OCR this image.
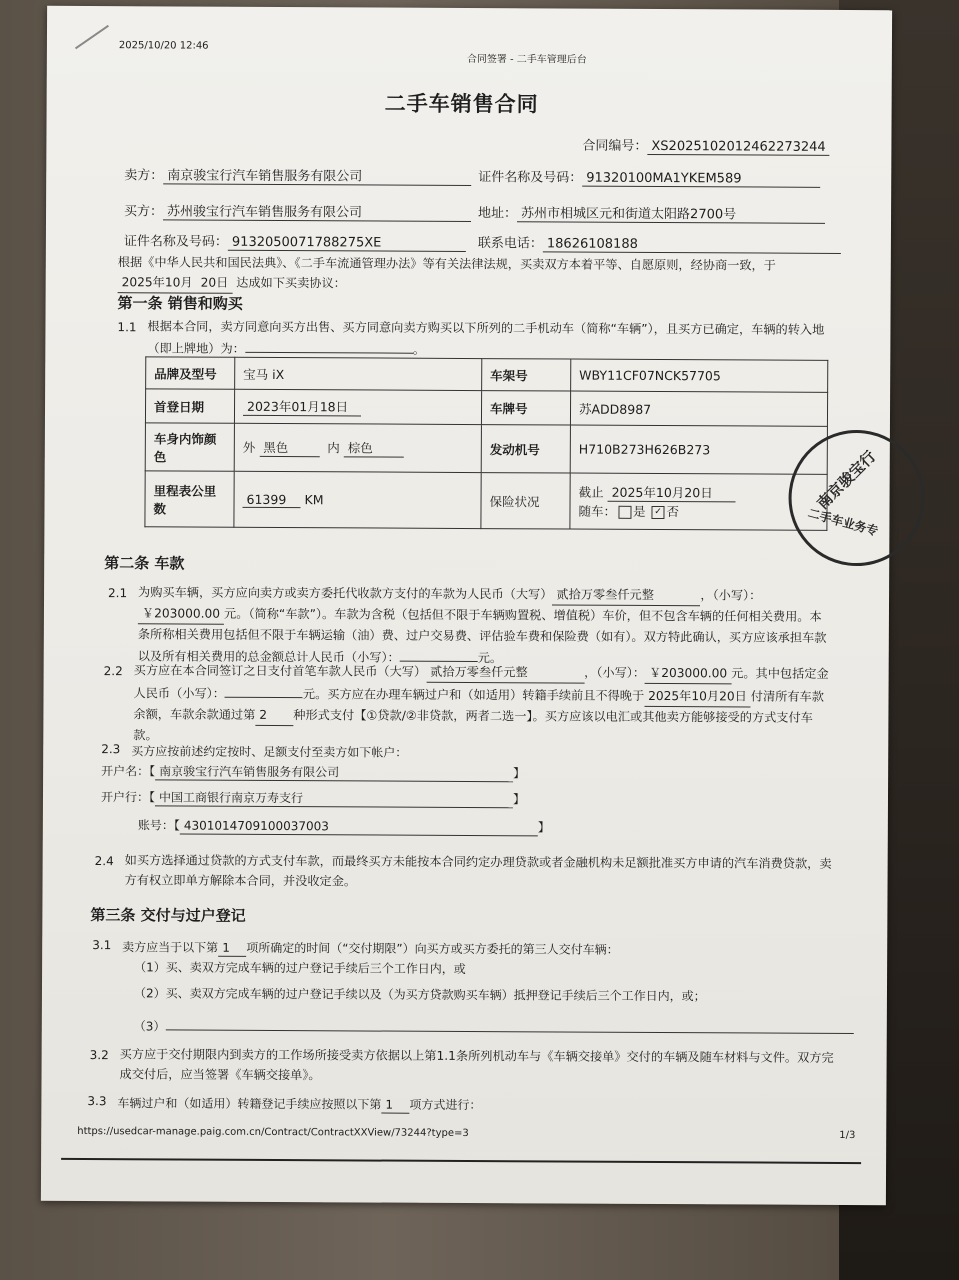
2025/10/20 12:46
合同签署 - 二手车管理后台
二手车销售合同
合同编号： XS2025102012462273244
卖方： 南京骏宝行汽车销售服务有限公司	证件名称及号码： 91320100MA1YKEM589
买方： 苏州骏宝行汽车销售服务有限公司	地址： 苏州市相城区元和街道太阳路2700号
证件名称及号码： 9132050071788275XE	联系电话： 18626108188
根据《中华人民共和国民法典》、《二手车流通管理办法》等有关法律法规，买卖双方本着平等、自愿原则，经协商一致，于 2025年10月 20日 达成如下买卖协议：
第一条 销售和购买
1.1 根据本合同，卖方同意向买方出售、买方同意向卖方购买以下所列的二手机动车（简称“车辆”），且买方已确定，车辆的转入地（即上牌地）为：	。
品牌及型号	宝马 iX	车架号	WBY11CF07NCK57705
首登日期	2023年01月18日	车牌号	苏ADD8987
车身内饰颜色	外 黑色 内 棕色	发动机号	H710B273H626B273
里程表公里数	61399 KM	保险状况	截止 2025年10月20日
随车： 是 ✓ 否
第二条 车款
2.1 为购买车辆，买方应向卖方或卖方委托代收款方支付的车款为人民币（大写） 贰拾万零叁仟元整	，（小写）：￥203000.00 元。（简称“车款”）。车款为含税（包括但不限于车辆购置税、增值税）车价，但不包含车辆的任何相关费用。本条所称相关费用包括但不限于车辆运输（油）费、过户交易费、评估验车费和保险费（如有）。双方特此确认，买方应该承担车款以及所有相关费用的总金额总计人民币（小写）：	元。
2.2 买方应在本合同签订之日支付首笔车款人民币（大写） 贰拾万零叁仟元整	，（小写）： ￥203000.00 元。其中包括定金人民币（小写）：	元。买方应在办理车辆过户和（如适用）转籍手续前且不得晚于 2025年10月20日 付清所有车款余额，车款余款通过第 2 种形式支付【①贷款/②非贷款，两者二选一】。买方应该以电汇或其他卖方能够接受的方式支付车款。
2.3 买方应按前述约定按时、足额支付至卖方如下帐户：
开户名：【 南京骏宝行汽车销售服务有限公司	】
开户行：【 中国工商银行南京万寿支行	】
账号：【 4301014709100037003	】
2.4 如买方选择通过贷款的方式支付车款，而最终买方未能按本合同约定办理贷款或者金融机构未足额批准买方申请的汽车消费贷款，卖方有权立即单方解除本合同，并没收定金。
第三条 交付与过户登记
3.1 卖方应当于以下第 1 项所确定的时间（“交付期限”）向买方或买方委托的第三人交付车辆：
（1）买、卖双方完成车辆的过户登记手续后三个工作日内，或
（2）买、卖双方完成车辆的过户登记手续以及（为买方贷款购买车辆）抵押登记手续后三个工作日内，或；
（3）
3.2 买方应于交付期限内到卖方的工作场所接受卖方依据以上第1.1条所列机动车与《车辆交接单》交付的车辆及随车材料与文件。双方完成交付后，应当签署《车辆交接单》。
3.3 车辆过户和（如适用）转籍登记手续应按照以下第 1 项方式进行：
https://usedcar-manage.paig.com.cn/Contract/ContractXXView/73244?type=3	1/3
南京骏宝行
二手车业务专
